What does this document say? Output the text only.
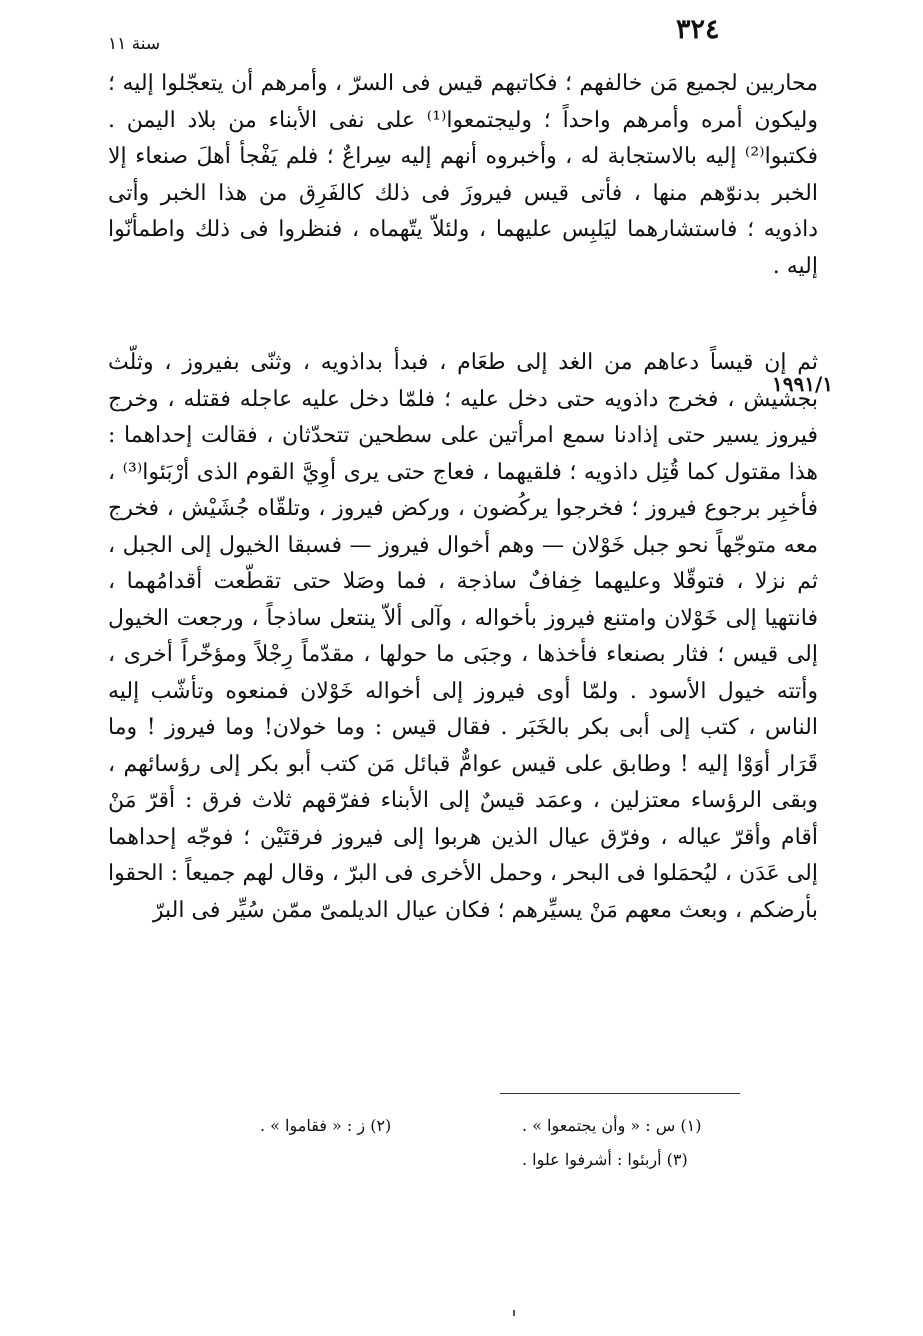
٣٢٤
سنة ١١

محاربين لجميع مَن خالفهم ؛ فكاتبهم قيس فى السرّ ، وأمرهم أن يتعجّلوا إليه ؛ وليكون أمره وأمرهم واحداً ؛ وليجتمعوا⁽¹⁾ على نفى الأبناء من بلاد اليمن . فكتبوا⁽²⁾ إليه بالاستجابة له ، وأخبروه أنهم إليه سِراعٌ ؛ فلم يَفْجأ أهلَ صنعاء إلا الخبر بدنوّهم منها ، فأتى قيس فيروزَ فى ذلك كالفَرِق من هذا الخبر وأتى داذويه ؛ فاستشارهما ليَلبِس عليهما ، ولئلاّ يتّهماه ، فنظروا فى ذلك واطمأنّوا إليه .

١٩٩١/١

ثم إن قيساً دعاهم من الغد إلى طعَام ، فبدأ بداذويه ، وثنّى بفيروز ، وثلّث بجشيش ، فخرج داذويه حتى دخل عليه ؛ فلمّا دخل عليه عاجله فقتله ، وخرج فيروز يسير حتى إذادنا سمع امرأتين على سطحين تتحدّثان ، فقالت إحداهما : هذا مقتول كما قُتِل داذويه ؛ فلقيهما ، فعاج حتى يرى أوِيَّ القوم الذى أرْبَئوا⁽³⁾ ، فأخبِر برجوع فيروز ؛ فخرجوا يركُضون ، وركض فيروز ، وتلقّاه جُشَيْش ، فخرج معه متوجّهاً نحو جبل خَوْلان — وهم أخوال فيروز — فسبقا الخيول إلى الجبل ، ثم نزلا ، فتوقّلا وعليهما خِفافٌ ساذجة ، فما وصَلا حتى تقطّعت أقدامُهما ، فانتهيا إلى خَوْلان وامتنع فيروز بأخواله ، وآلى ألاّ ينتعل ساذجاً ، ورجعت الخيول إلى قيس ؛ فثار بصنعاء فأخذها ، وجبَى ما حولها ، مقدّماً رِجْلاً ومؤخّراً أخرى ، وأتته خيول الأسود . ولمّا أوى فيروز إلى أخواله خَوْلان فمنعوه وتأشّب إليه الناس ، كتب إلى أبى بكر بالخَبَر . فقال قيس : وما خولان! وما فيروز ! وما قَرَار أوَوْا إليه ! وطابق على قيس عوامٌّ قبائل مَن كتب أبو بكر إلى رؤسائهم ، وبقى الرؤساء معتزلين ، وعمَد قيسٌ إلى الأبناء ففرّقهم ثلاث فرق : أقرّ مَنْ أقام وأقرّ عياله ، وفرّق عيال الذين هربوا إلى فيروز فرقتَيْن ؛ فوجّه إحداهما إلى عَدَن ، ليُحمَلوا فى البحر ، وحمل الأخرى فى البرّ ، وقال لهم جميعاً : الحقوا بأرضكم ، وبعث معهم مَنْ يسيِّرهم ؛ فكان عيال الديلمىّ ممّن سُيِّر فى البرّ

(١) س : « وأن يجتمعوا » .
(٢) ز : « فقاموا » .
(٣) أربئوا : أشرفوا علوا .
